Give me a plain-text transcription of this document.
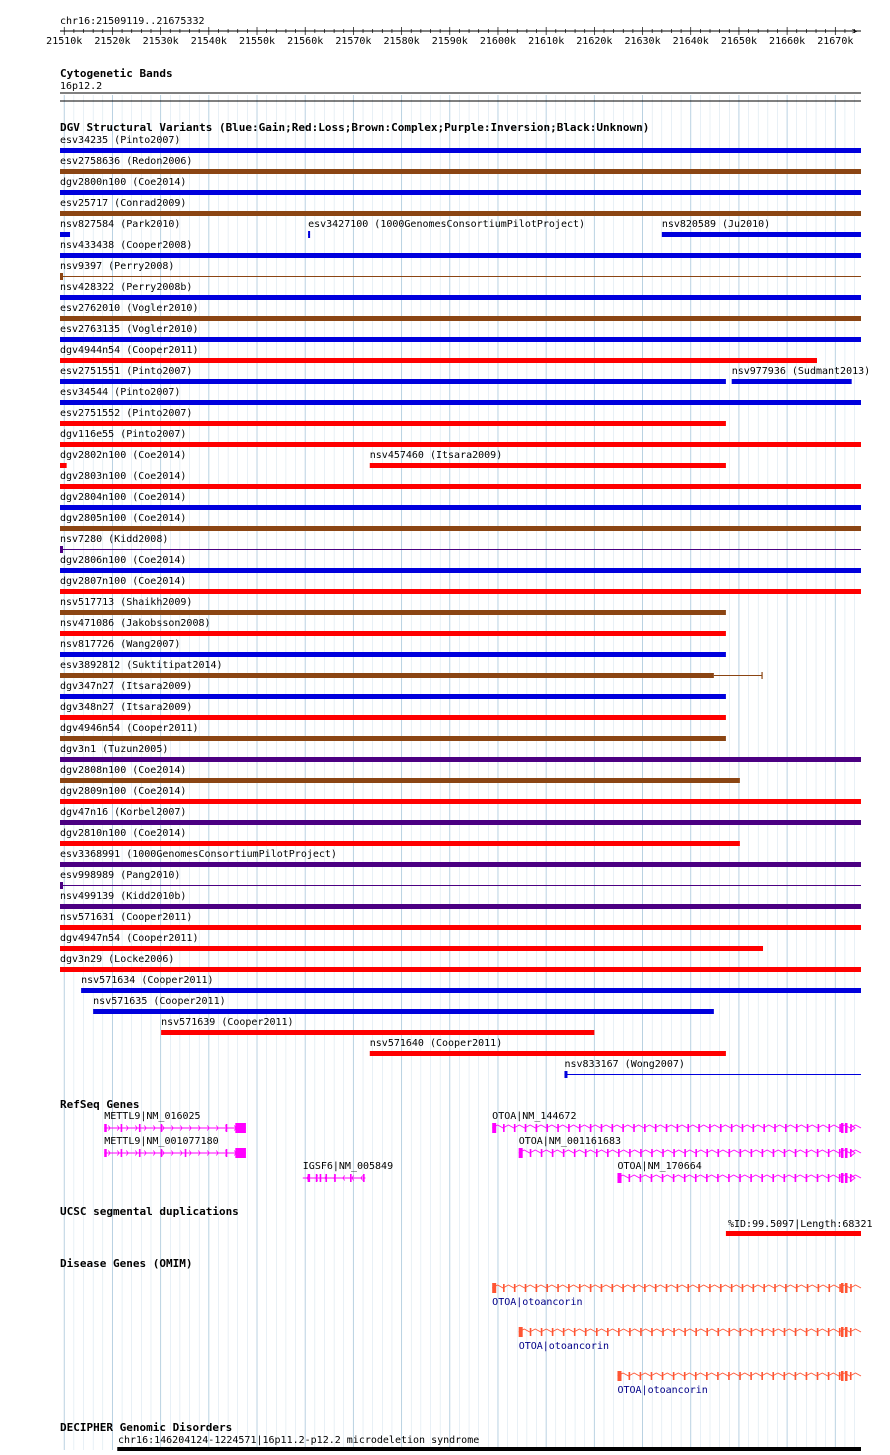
chr16:21509119..21675332
21510k 21520k 21530k 21540k 21550k 21560k 21570k 21580k 21590k 21600k 21610k 21620k 21630k 21640k 21650k 21660k 21670k
>
Cytogenetic Bands
16p12.2
DGV Structural Variants (Blue:Gain;Red:Loss;Brown:Complex;Purple:Inversion;Black:Unknown)
RefSeq Genes
UCSC segmental duplications
%ID:99.5097|Length:68321
Disease Genes (OMIM)
DECIPHER Genomic Disorders
chr16:146204124-1224571|16p11.2-p12.2 microdeletion syndrome
esv34235 (Pinto2007)
esv2758636 (Redon2006)
dgv2800n100 (Coe2014)
esv25717 (Conrad2009)
nsv827584 (Park2010)	esv3427100 (1000GenomesConsortiumPilotProject)	nsv820589 (Ju2010)
nsv433438 (Cooper2008)
nsv9397 (Perry2008)
nsv428322 (Perry2008b)
esv2762010 (Vogler2010)
esv2763135 (Vogler2010)
dgv4944n54 (Cooper2011)
esv2751551 (Pinto2007)	nsv977936 (Sudmant2013)
esv34544 (Pinto2007)
esv2751552 (Pinto2007)
dgv116e55 (Pinto2007)
dgv2802n100 (Coe2014)	nsv457460 (Itsara2009)
dgv2803n100 (Coe2014)
dgv2804n100 (Coe2014)
dgv2805n100 (Coe2014)
nsv7280 (Kidd2008)
dgv2806n100 (Coe2014)
dgv2807n100 (Coe2014)
nsv517713 (Shaikh2009)
nsv471086 (Jakobsson2008)
nsv817726 (Wang2007)
esv3892812 (Suktitipat2014)
dgv347n27 (Itsara2009)
dgv348n27 (Itsara2009)
dgv4946n54 (Cooper2011)
dgv3n1 (Tuzun2005)
dgv2808n100 (Coe2014)
dgv2809n100 (Coe2014)
dgv47n16 (Korbel2007)
dgv2810n100 (Coe2014)
esv3368991 (1000GenomesConsortiumPilotProject)
esv998989 (Pang2010)
nsv499139 (Kidd2010b)
nsv571631 (Cooper2011)
dgv4947n54 (Cooper2011)
dgv3n29 (Locke2006)
nsv571634 (Cooper2011)
nsv571635 (Cooper2011)
nsv571639 (Cooper2011)
nsv571640 (Cooper2011)
nsv833167 (Wong2007)
METTL9|NM_016025
METTL9|NM_001077180
IGSF6|NM_005849
OTOA|NM_144672
OTOA|NM_001161683
OTOA|NM_170664
OTOA|otoancorin
OTOA|otoancorin
OTOA|otoancorin
